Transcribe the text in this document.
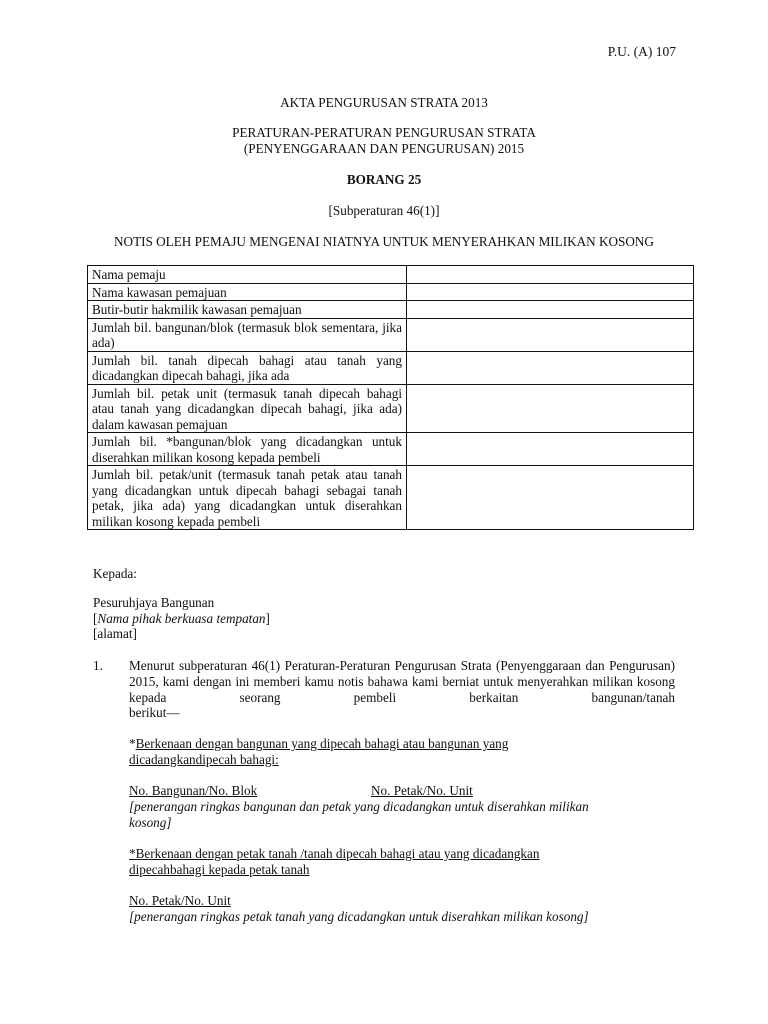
P.U. (A) 107
AKTA PENGURUSAN STRATA 2013
PERATURAN-PERATURAN PENGURUSAN STRATA
(PENYENGGARAAN DAN PENGURUSAN) 2015
BORANG 25
[Subperaturan 46(1)]
NOTIS OLEH PEMAJU MENGENAI NIATNYA UNTUK MENYERAHKAN MILIKAN KOSONG
Nama pemaju	
Nama kawasan pemajuan	
Butir-butir hakmilik kawasan pemajuan	
Jumlah bil. bangunan/blok (termasuk blok sementara, jika ada)	
Jumlah bil. tanah dipecah bahagi atau tanah yang dicadangkan dipecah bahagi, jika ada	
Jumlah bil. petak unit (termasuk tanah dipecah bahagi atau tanah yang dicadangkan dipecah bahagi, jika ada) dalam kawasan pemajuan	
Jumlah bil. *bangunan/blok yang dicadangkan untuk diserahkan milikan kosong kepada pembeli	
Jumlah bil. petak/unit (termasuk tanah petak atau tanah yang dicadangkan untuk dipecah bahagi sebagai tanah petak, jika ada) yang dicadangkan untuk diserahkan milikan kosong kepada pembeli	
Kepada:
Pesuruhjaya Bangunan
[Nama pihak berkuasa tempatan]
[alamat]
1. Menurut subperaturan 46(1) Peraturan-Peraturan Pengurusan Strata (Penyenggaraan dan Pengurusan) 2015, kami dengan ini memberi kamu notis bahawa kami berniat untuk menyerahkan milikan kosong kepada seorang pembeli berkaitan bangunan/tanah
berikut—
*Berkenaan dengan bangunan yang dipecah bahagi atau bangunan yang
dicadangkandipecah bahagi:
No. Bangunan/No. Blok	No. Petak/No. Unit
[penerangan ringkas bangunan dan petak yang dicadangkan untuk diserahkan milikan
kosong]
*Berkenaan dengan petak tanah /tanah dipecah bahagi atau yang dicadangkan
dipecahbahagi kepada petak tanah
No. Petak/No. Unit
[penerangan ringkas petak tanah yang dicadangkan untuk diserahkan milikan kosong]
